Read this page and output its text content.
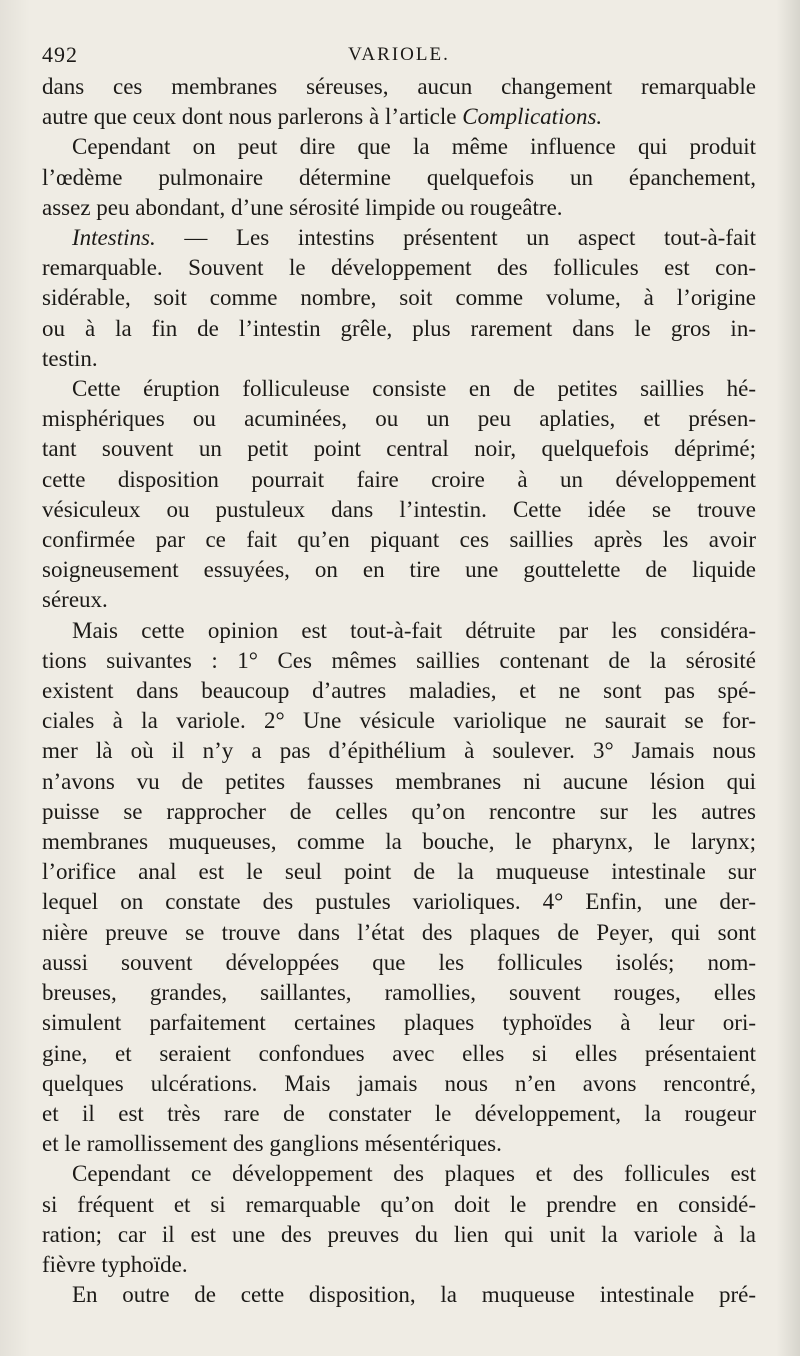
492	VARIOLE.
dans ces membranes séreuses, aucun changement remarquable
autre que ceux dont nous parlerons à l’article Complications.
Cependant on peut dire que la même influence qui produit
l’œdème pulmonaire détermine quelquefois un épanchement,
assez peu abondant, d’une sérosité limpide ou rougeâtre.
Intestins. — Les intestins présentent un aspect tout-à-fait
remarquable. Souvent le développement des follicules est con-
sidérable, soit comme nombre, soit comme volume, à l’origine
ou à la fin de l’intestin grêle, plus rarement dans le gros in-
testin.
Cette éruption folliculeuse consiste en de petites saillies hé-
misphériques ou acuminées, ou un peu aplaties, et présen-
tant souvent un petit point central noir, quelquefois déprimé;
cette disposition pourrait faire croire à un développement
vésiculeux ou pustuleux dans l’intestin. Cette idée se trouve
confirmée par ce fait qu’en piquant ces saillies après les avoir
soigneusement essuyées, on en tire une gouttelette de liquide
séreux.
Mais cette opinion est tout-à-fait détruite par les considéra-
tions suivantes : 1° Ces mêmes saillies contenant de la sérosité
existent dans beaucoup d’autres maladies, et ne sont pas spé-
ciales à la variole. 2° Une vésicule variolique ne saurait se for-
mer là où il n’y a pas d’épithélium à soulever. 3° Jamais nous
n’avons vu de petites fausses membranes ni aucune lésion qui
puisse se rapprocher de celles qu’on rencontre sur les autres
membranes muqueuses, comme la bouche, le pharynx, le larynx;
l’orifice anal est le seul point de la muqueuse intestinale sur
lequel on constate des pustules varioliques. 4° Enfin, une der-
nière preuve se trouve dans l’état des plaques de Peyer, qui sont
aussi souvent développées que les follicules isolés; nom-
breuses, grandes, saillantes, ramollies, souvent rouges, elles
simulent parfaitement certaines plaques typhoïdes à leur ori-
gine, et seraient confondues avec elles si elles présentaient
quelques ulcérations. Mais jamais nous n’en avons rencontré,
et il est très rare de constater le développement, la rougeur
et le ramollissement des ganglions mésentériques.
Cependant ce développement des plaques et des follicules est
si fréquent et si remarquable qu’on doit le prendre en considé-
ration; car il est une des preuves du lien qui unit la variole à la
fièvre typhoïde.
En outre de cette disposition, la muqueuse intestinale pré-
